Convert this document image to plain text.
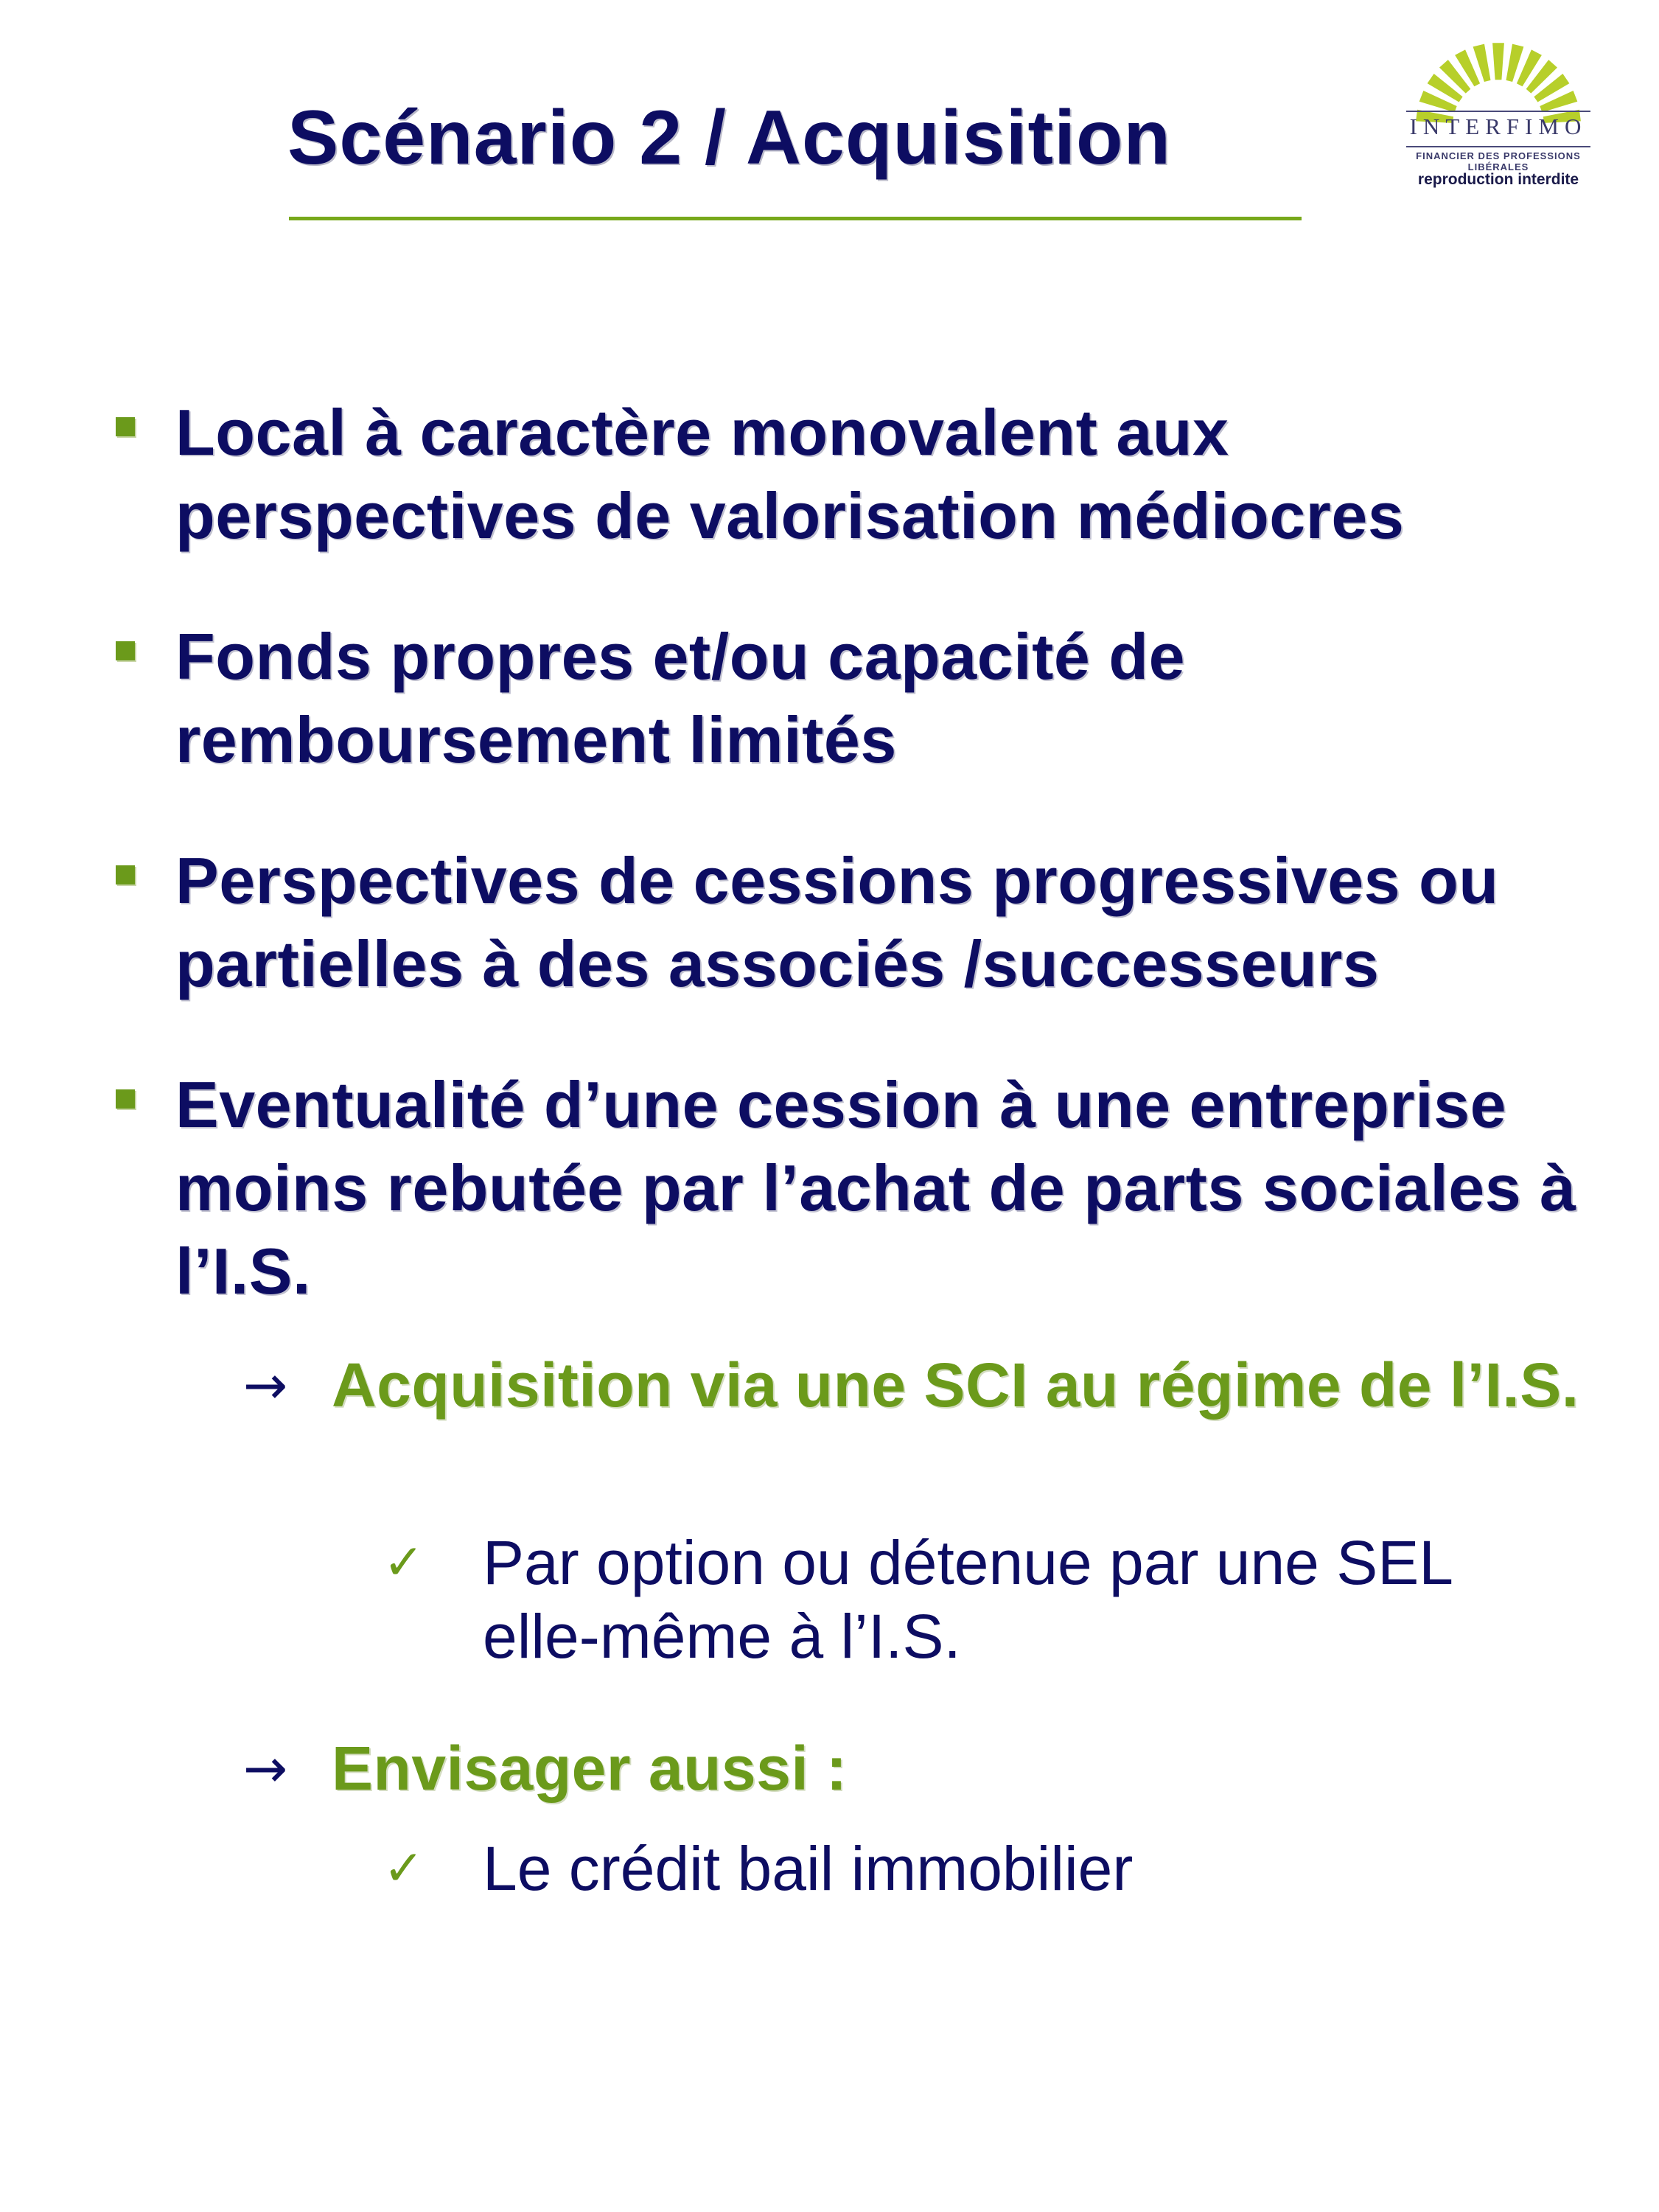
Scénario 2 / Acquisition	INTERFIMO
FINANCIER DES PROFESSIONS LIBÉRALES
reproduction interdite
Local à caractère monovalent aux perspectives de valorisation médiocres
Fonds propres et/ou capacité de remboursement limités
Perspectives de cessions progressives ou partielles à des associés /successeurs
Eventualité d’une cession à une entreprise moins rebutée par l’achat de parts sociales à l’I.S.
→ Acquisition via une SCI au régime de l’I.S.
✓ Par option ou détenue par une SEL elle-même à l’I.S.
→ Envisager aussi :
✓ Le crédit bail immobilier
